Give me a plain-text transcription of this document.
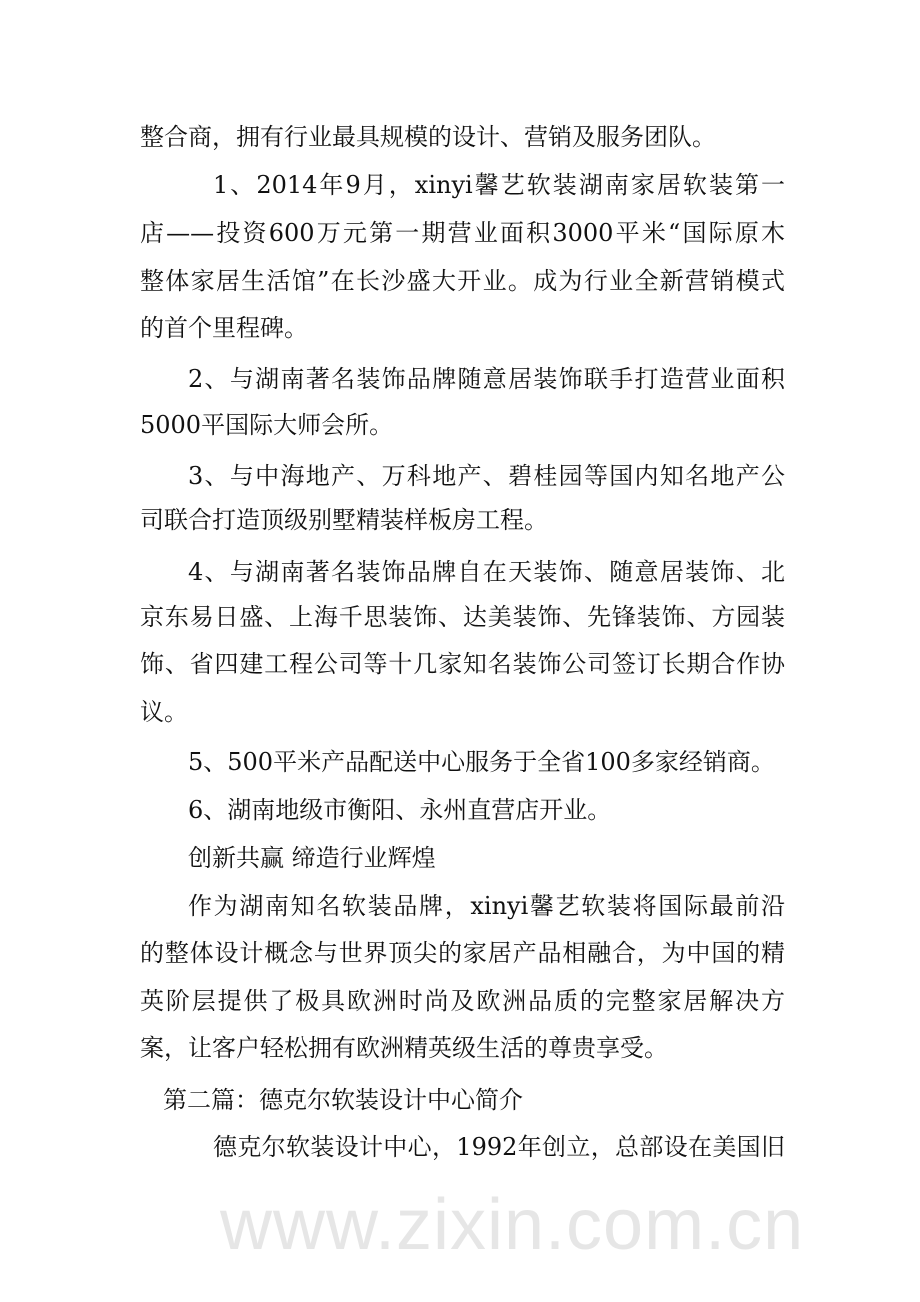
www.zixin.com.cn
整合商，拥有行业最具规模的设计、营销及服务团队。
1、2014年9月，xinyi馨艺软装湖南家居软装第一
店——投资600万元第一期营业面积3000平米“国际原木
整体家居生活馆”在长沙盛大开业。成为行业全新营销模式
的首个里程碑。
2、与湖南著名装饰品牌随意居装饰联手打造营业面积
5000平国际大师会所。
3、与中海地产、万科地产、碧桂园等国内知名地产公
司联合打造顶级别墅精装样板房工程。
4、与湖南著名装饰品牌自在天装饰、随意居装饰、北
京东易日盛、上海千思装饰、达美装饰、先锋装饰、方园装
饰、省四建工程公司等十几家知名装饰公司签订长期合作协
议。
5、500平米产品配送中心服务于全省100多家经销商。
6、湖南地级市衡阳、永州直营店开业。
创新共赢 缔造行业辉煌
作为湖南知名软装品牌，xinyi馨艺软装将国际最前沿
的整体设计概念与世界顶尖的家居产品相融合，为中国的精
英阶层提供了极具欧洲时尚及欧洲品质的完整家居解决方
案，让客户轻松拥有欧洲精英级生活的尊贵享受。
第二篇：德克尔软装设计中心简介
德克尔软装设计中心，1992年创立，总部设在美国旧
